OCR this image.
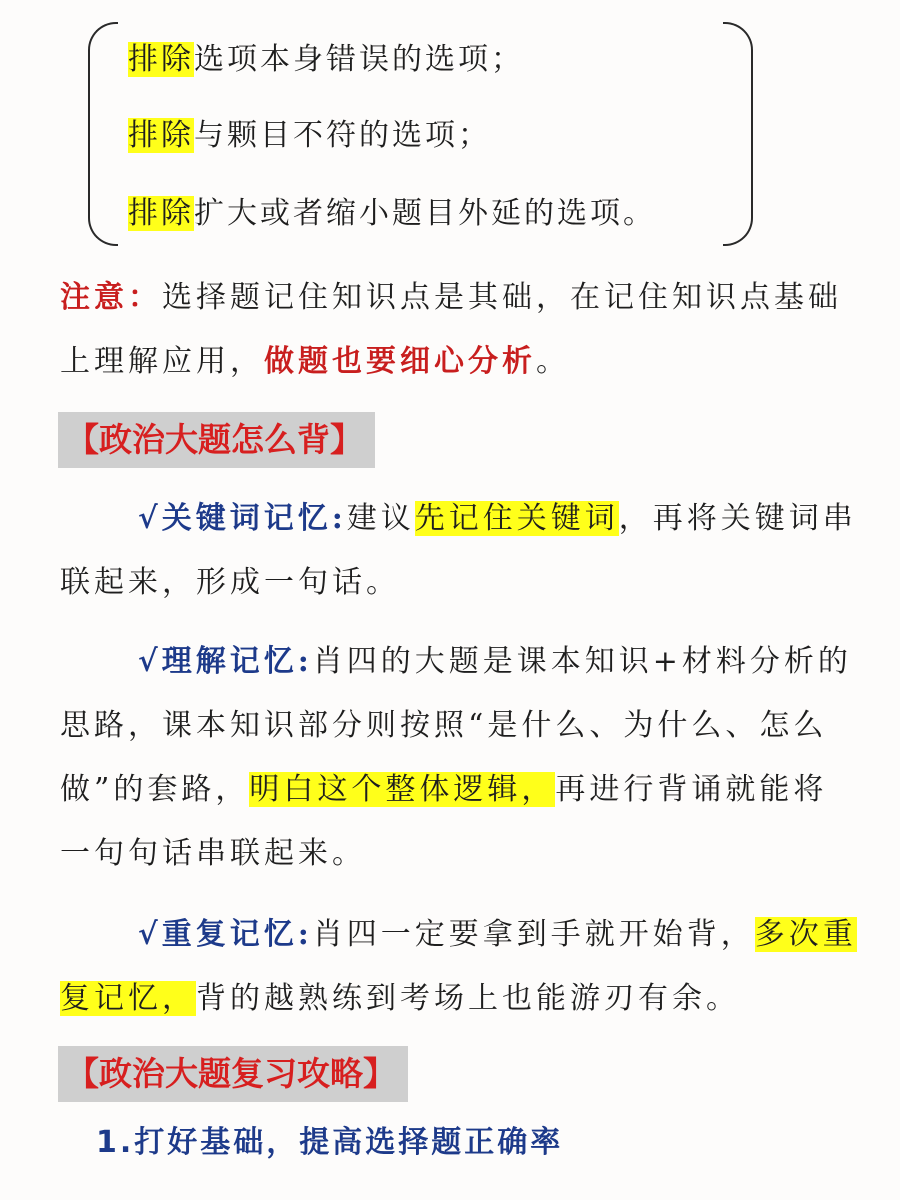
排除选项本身错误的选项；
排除与颗目不符的选项；
排除扩大或者缩小题目外延的选项。
注意：选择题记住知识点是其础，在记住知识点基础上理解应用，做题也要细心分析。
【政治大题怎么背】
√关键词记忆:建议先记住关键词，再将关键词串联起来，形成一句话。
√理解记忆:肖四的大题是课本知识+材料分析的思路，课本知识部分则按照“是什么、为什么、怎么做”的套路，明白这个整体逻辑，再进行背诵就能将一句句话串联起来。
√重复记忆:肖四一定要拿到手就开始背，多次重复记忆，背的越熟练到考场上也能游刃有余。
【政治大题复习攻略】
1.打好基础，提高选择题正确率
